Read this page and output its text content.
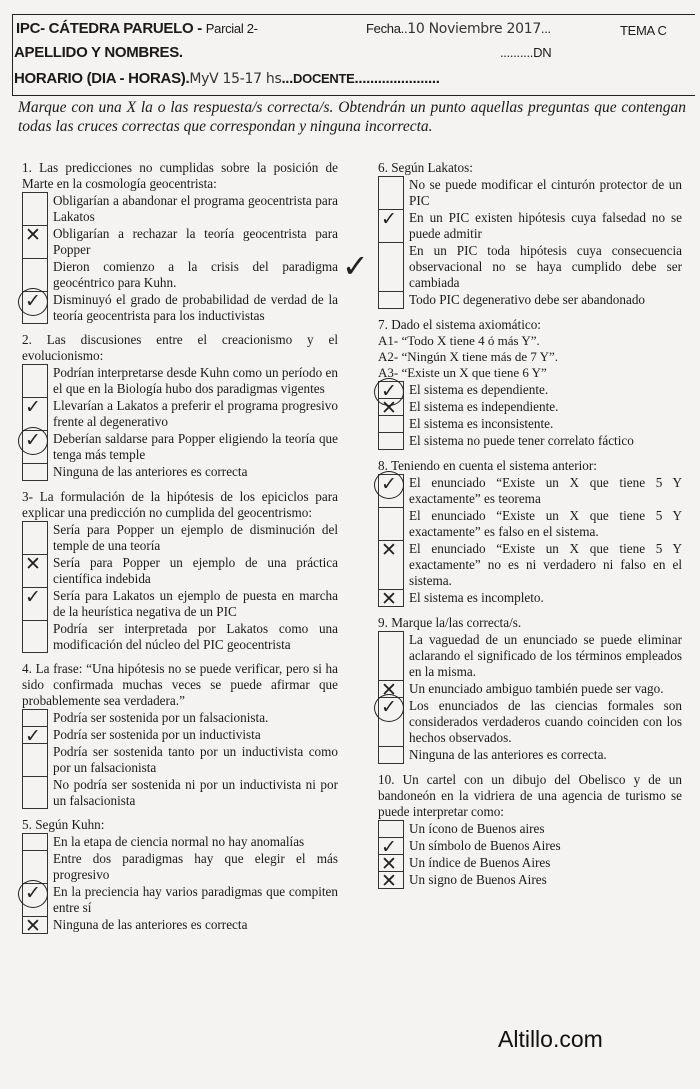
IPC- CÁTEDRA PARUELO - Parcial 2-	Fecha..10 Noviembre 2017...	TEMA C
APELLIDO Y NOMBRES.	..........DN
HORARIO (DIA - HORAS).MyV 15-17 hs...DOCENTE......................
Marque con una X la o las respuesta/s correcta/s. Obtendrán un punto aquellas preguntas que contengan todas las cruces correctas que correspondan y ninguna incorrecta.
✓
1. Las predicciones no cumplidas sobre la posición de Marte en la cosmología geocentrista:
Obligarían a abandonar el programa geocentrista para Lakatos
✕ Obligarían a rechazar la teoría geocentrista para Popper
Dieron comienzo a la crisis del paradigma geocéntrico para Kuhn.
✓ Disminuyó el grado de probabilidad de verdad de la teoría geocentrista para los inductivistas
2. Las discusiones entre el creacionismo y el evolucionismo:
Podrían interpretarse desde Kuhn como un período en el que en la Biología hubo dos paradigmas vigentes
✓ Llevarían a Lakatos a preferir el programa progresivo frente al degenerativo
✓ Deberían saldarse para Popper eligiendo la teoría que tenga más temple
Ninguna de las anteriores es correcta
3- La formulación de la hipótesis de los epiciclos para explicar una predicción no cumplida del geocentrismo:
Sería para Popper un ejemplo de disminución del temple de una teoría
✕ Sería para Popper un ejemplo de una práctica científica indebida
✓ Sería para Lakatos un ejemplo de puesta en marcha de la heurística negativa de un PIC
Podría ser interpretada por Lakatos como una modificación del núcleo del PIC geocentrista
4. La frase: “Una hipótesis no se puede verificar, pero si ha sido confirmada muchas veces se puede afirmar que probablemente sea verdadera.”
Podría ser sostenida por un falsacionista.
✓ Podría ser sostenida por un inductivista
Podría ser sostenida tanto por un inductivista como por un falsacionista
No podría ser sostenida ni por un inductivista ni por un falsacionista
5. Según Kuhn:
En la etapa de ciencia normal no hay anomalías
Entre dos paradigmas hay que elegir el más progresivo
✓ En la preciencia hay varios paradigmas que compiten entre sí
✕ Ninguna de las anteriores es correcta
6. Según Lakatos:
No se puede modificar el cinturón protector de un PIC
✓ En un PIC existen hipótesis cuya falsedad no se puede admitir
En un PIC toda hipótesis cuya consecuencia observacional no se haya cumplido debe ser cambiada
Todo PIC degenerativo debe ser abandonado
7. Dado el sistema axiomático:
A1- “Todo X tiene 4 ó más Y”.
A2- “Ningún X tiene más de 7 Y”.
A3- “Existe un X que tiene 6 Y”
✓ El sistema es dependiente.
✕ El sistema es independiente.
El sistema es inconsistente.
El sistema no puede tener correlato fáctico
8. Teniendo en cuenta el sistema anterior:
✓ El enunciado “Existe un X que tiene 5 Y exactamente” es teorema
El enunciado “Existe un X que tiene 5 Y exactamente” es falso en el sistema.
✕ El enunciado “Existe un X que tiene 5 Y exactamente” no es ni verdadero ni falso en el sistema.
✕ El sistema es incompleto.
9. Marque la/las correcta/s.
La vaguedad de un enunciado se puede eliminar aclarando el significado de los términos empleados en la misma.
✕ Un enunciado ambiguo también puede ser vago.
✓ Los enunciados de las ciencias formales son considerados verdaderos cuando coinciden con los hechos observados.
Ninguna de las anteriores es correcta.
10. Un cartel con un dibujo del Obelisco y de un bandoneón en la vidriera de una agencia de turismo se puede interpretar como:
Un ícono de Buenos aires
✓ Un símbolo de Buenos Aires
✕ Un índice de Buenos Aires
✕ Un signo de Buenos Aires
Altillo.com
